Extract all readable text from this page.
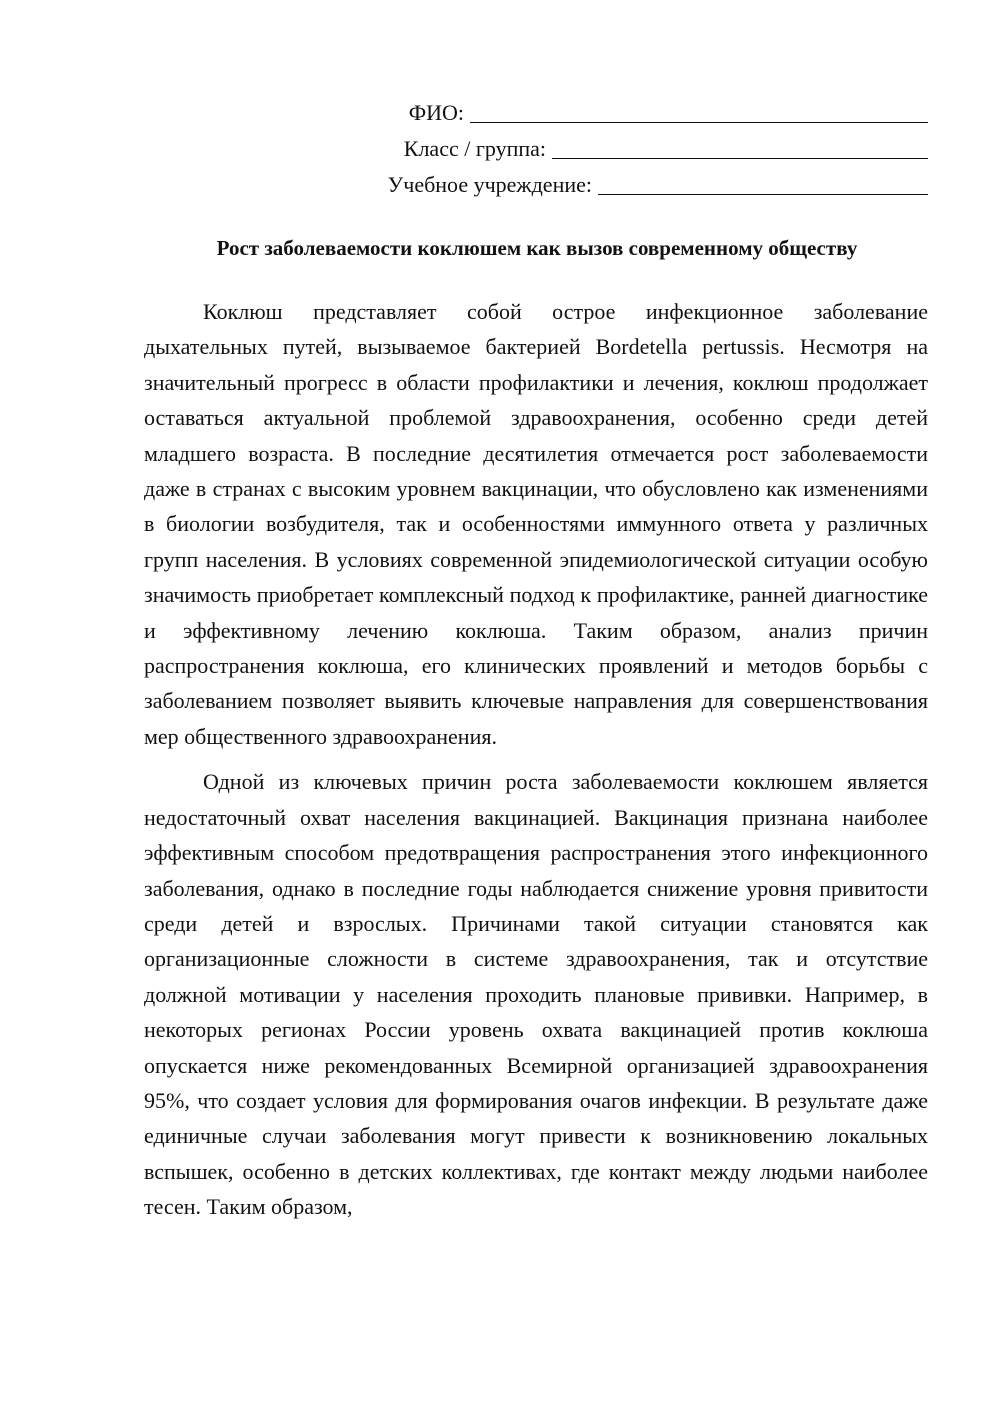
ФИО:
Класс / группа:
Учебное учреждение:
Рост заболеваемости коклюшем как вызов современному обществу

Коклюш представляет собой острое инфекционное заболевание дыхательных путей, вызываемое бактерией Bordetella pertussis. Несмотря на значительный прогресс в области профилактики и лечения, коклюш продолжает оставаться актуальной проблемой здравоохранения, особенно среди детей младшего возраста. В последние десятилетия отмечается рост заболеваемости даже в странах с высоким уровнем вакцинации, что обусловлено как изменениями в биологии возбудителя, так и особенностями иммунного ответа у различных групп населения. В условиях современной эпидемиологической ситуации особую значимость приобретает комплексный подход к профилактике, ранней диагностике и эффективному лечению коклюша. Таким образом, анализ причин распространения коклюша, его клинических проявлений и методов борьбы с заболеванием позволяет выявить ключевые направления для совершенствования мер общественного здравоохранения.

Одной из ключевых причин роста заболеваемости коклюшем является недостаточный охват населения вакцинацией. Вакцинация признана наиболее эффективным способом предотвращения распространения этого инфекционного заболевания, однако в последние годы наблюдается снижение уровня привитости среди детей и взрослых. Причинами такой ситуации становятся как организационные сложности в системе здравоохранения, так и отсутствие должной мотивации у населения проходить плановые прививки. Например, в некоторых регионах России уровень охвата вакцинацией против коклюша опускается ниже рекомендованных Всемирной организацией здравоохранения 95%, что создает условия для формирования очагов инфекции. В результате даже единичные случаи заболевания могут привести к возникновению локальных вспышек, особенно в детских коллективах, где контакт между людьми наиболее тесен. Таким образом,
